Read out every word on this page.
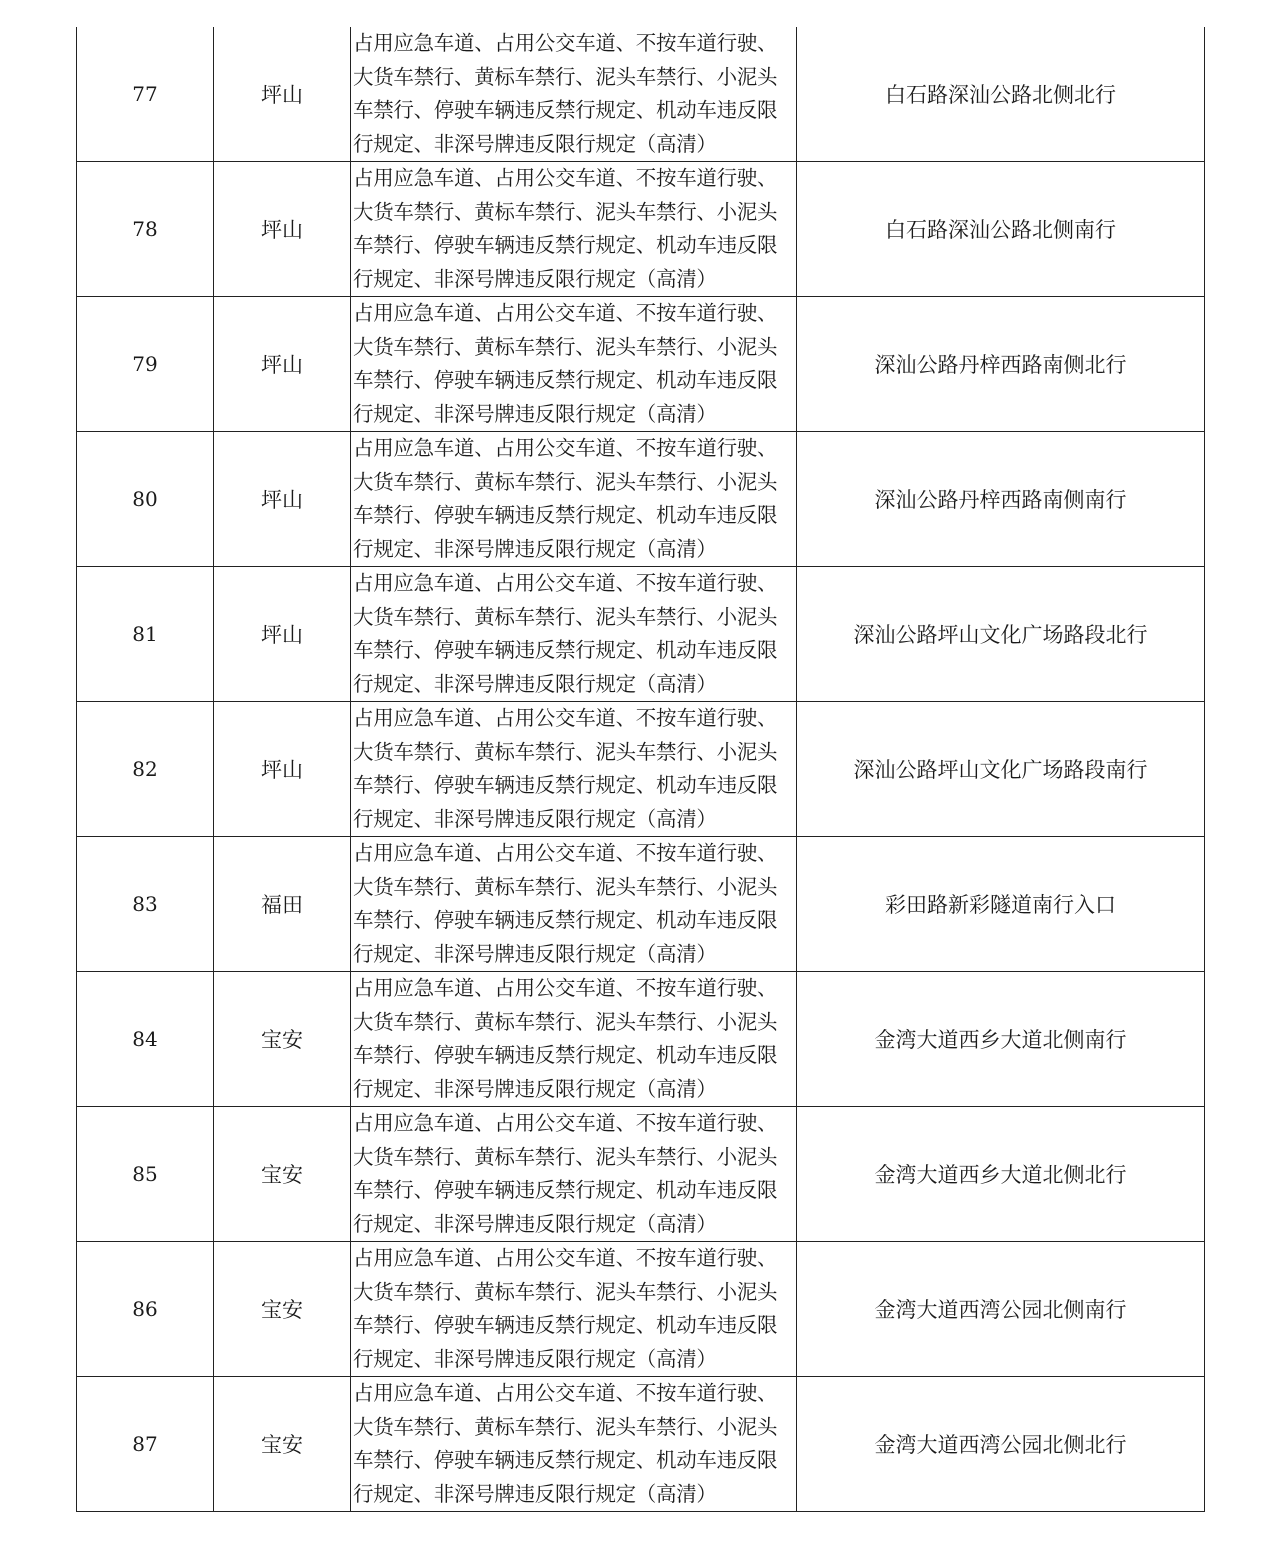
77	坪山	占用应急车道、占用公交车道、不按车道行驶、大货车禁行、黄标车禁行、泥头车禁行、小泥头车禁行、停驶车辆违反禁行规定、机动车违反限行规定、非深号牌违反限行规定（高清）	白石路深汕公路北侧北行
78	坪山	占用应急车道、占用公交车道、不按车道行驶、大货车禁行、黄标车禁行、泥头车禁行、小泥头车禁行、停驶车辆违反禁行规定、机动车违反限行规定、非深号牌违反限行规定（高清）	白石路深汕公路北侧南行
79	坪山	占用应急车道、占用公交车道、不按车道行驶、大货车禁行、黄标车禁行、泥头车禁行、小泥头车禁行、停驶车辆违反禁行规定、机动车违反限行规定、非深号牌违反限行规定（高清）	深汕公路丹梓西路南侧北行
80	坪山	占用应急车道、占用公交车道、不按车道行驶、大货车禁行、黄标车禁行、泥头车禁行、小泥头车禁行、停驶车辆违反禁行规定、机动车违反限行规定、非深号牌违反限行规定（高清）	深汕公路丹梓西路南侧南行
81	坪山	占用应急车道、占用公交车道、不按车道行驶、大货车禁行、黄标车禁行、泥头车禁行、小泥头车禁行、停驶车辆违反禁行规定、机动车违反限行规定、非深号牌违反限行规定（高清）	深汕公路坪山文化广场路段北行
82	坪山	占用应急车道、占用公交车道、不按车道行驶、大货车禁行、黄标车禁行、泥头车禁行、小泥头车禁行、停驶车辆违反禁行规定、机动车违反限行规定、非深号牌违反限行规定（高清）	深汕公路坪山文化广场路段南行
83	福田	占用应急车道、占用公交车道、不按车道行驶、大货车禁行、黄标车禁行、泥头车禁行、小泥头车禁行、停驶车辆违反禁行规定、机动车违反限行规定、非深号牌违反限行规定（高清）	彩田路新彩隧道南行入口
84	宝安	占用应急车道、占用公交车道、不按车道行驶、大货车禁行、黄标车禁行、泥头车禁行、小泥头车禁行、停驶车辆违反禁行规定、机动车违反限行规定、非深号牌违反限行规定（高清）	金湾大道西乡大道北侧南行
85	宝安	占用应急车道、占用公交车道、不按车道行驶、大货车禁行、黄标车禁行、泥头车禁行、小泥头车禁行、停驶车辆违反禁行规定、机动车违反限行规定、非深号牌违反限行规定（高清）	金湾大道西乡大道北侧北行
86	宝安	占用应急车道、占用公交车道、不按车道行驶、大货车禁行、黄标车禁行、泥头车禁行、小泥头车禁行、停驶车辆违反禁行规定、机动车违反限行规定、非深号牌违反限行规定（高清）	金湾大道西湾公园北侧南行
87	宝安	占用应急车道、占用公交车道、不按车道行驶、大货车禁行、黄标车禁行、泥头车禁行、小泥头车禁行、停驶车辆违反禁行规定、机动车违反限行规定、非深号牌违反限行规定（高清）	金湾大道西湾公园北侧北行
